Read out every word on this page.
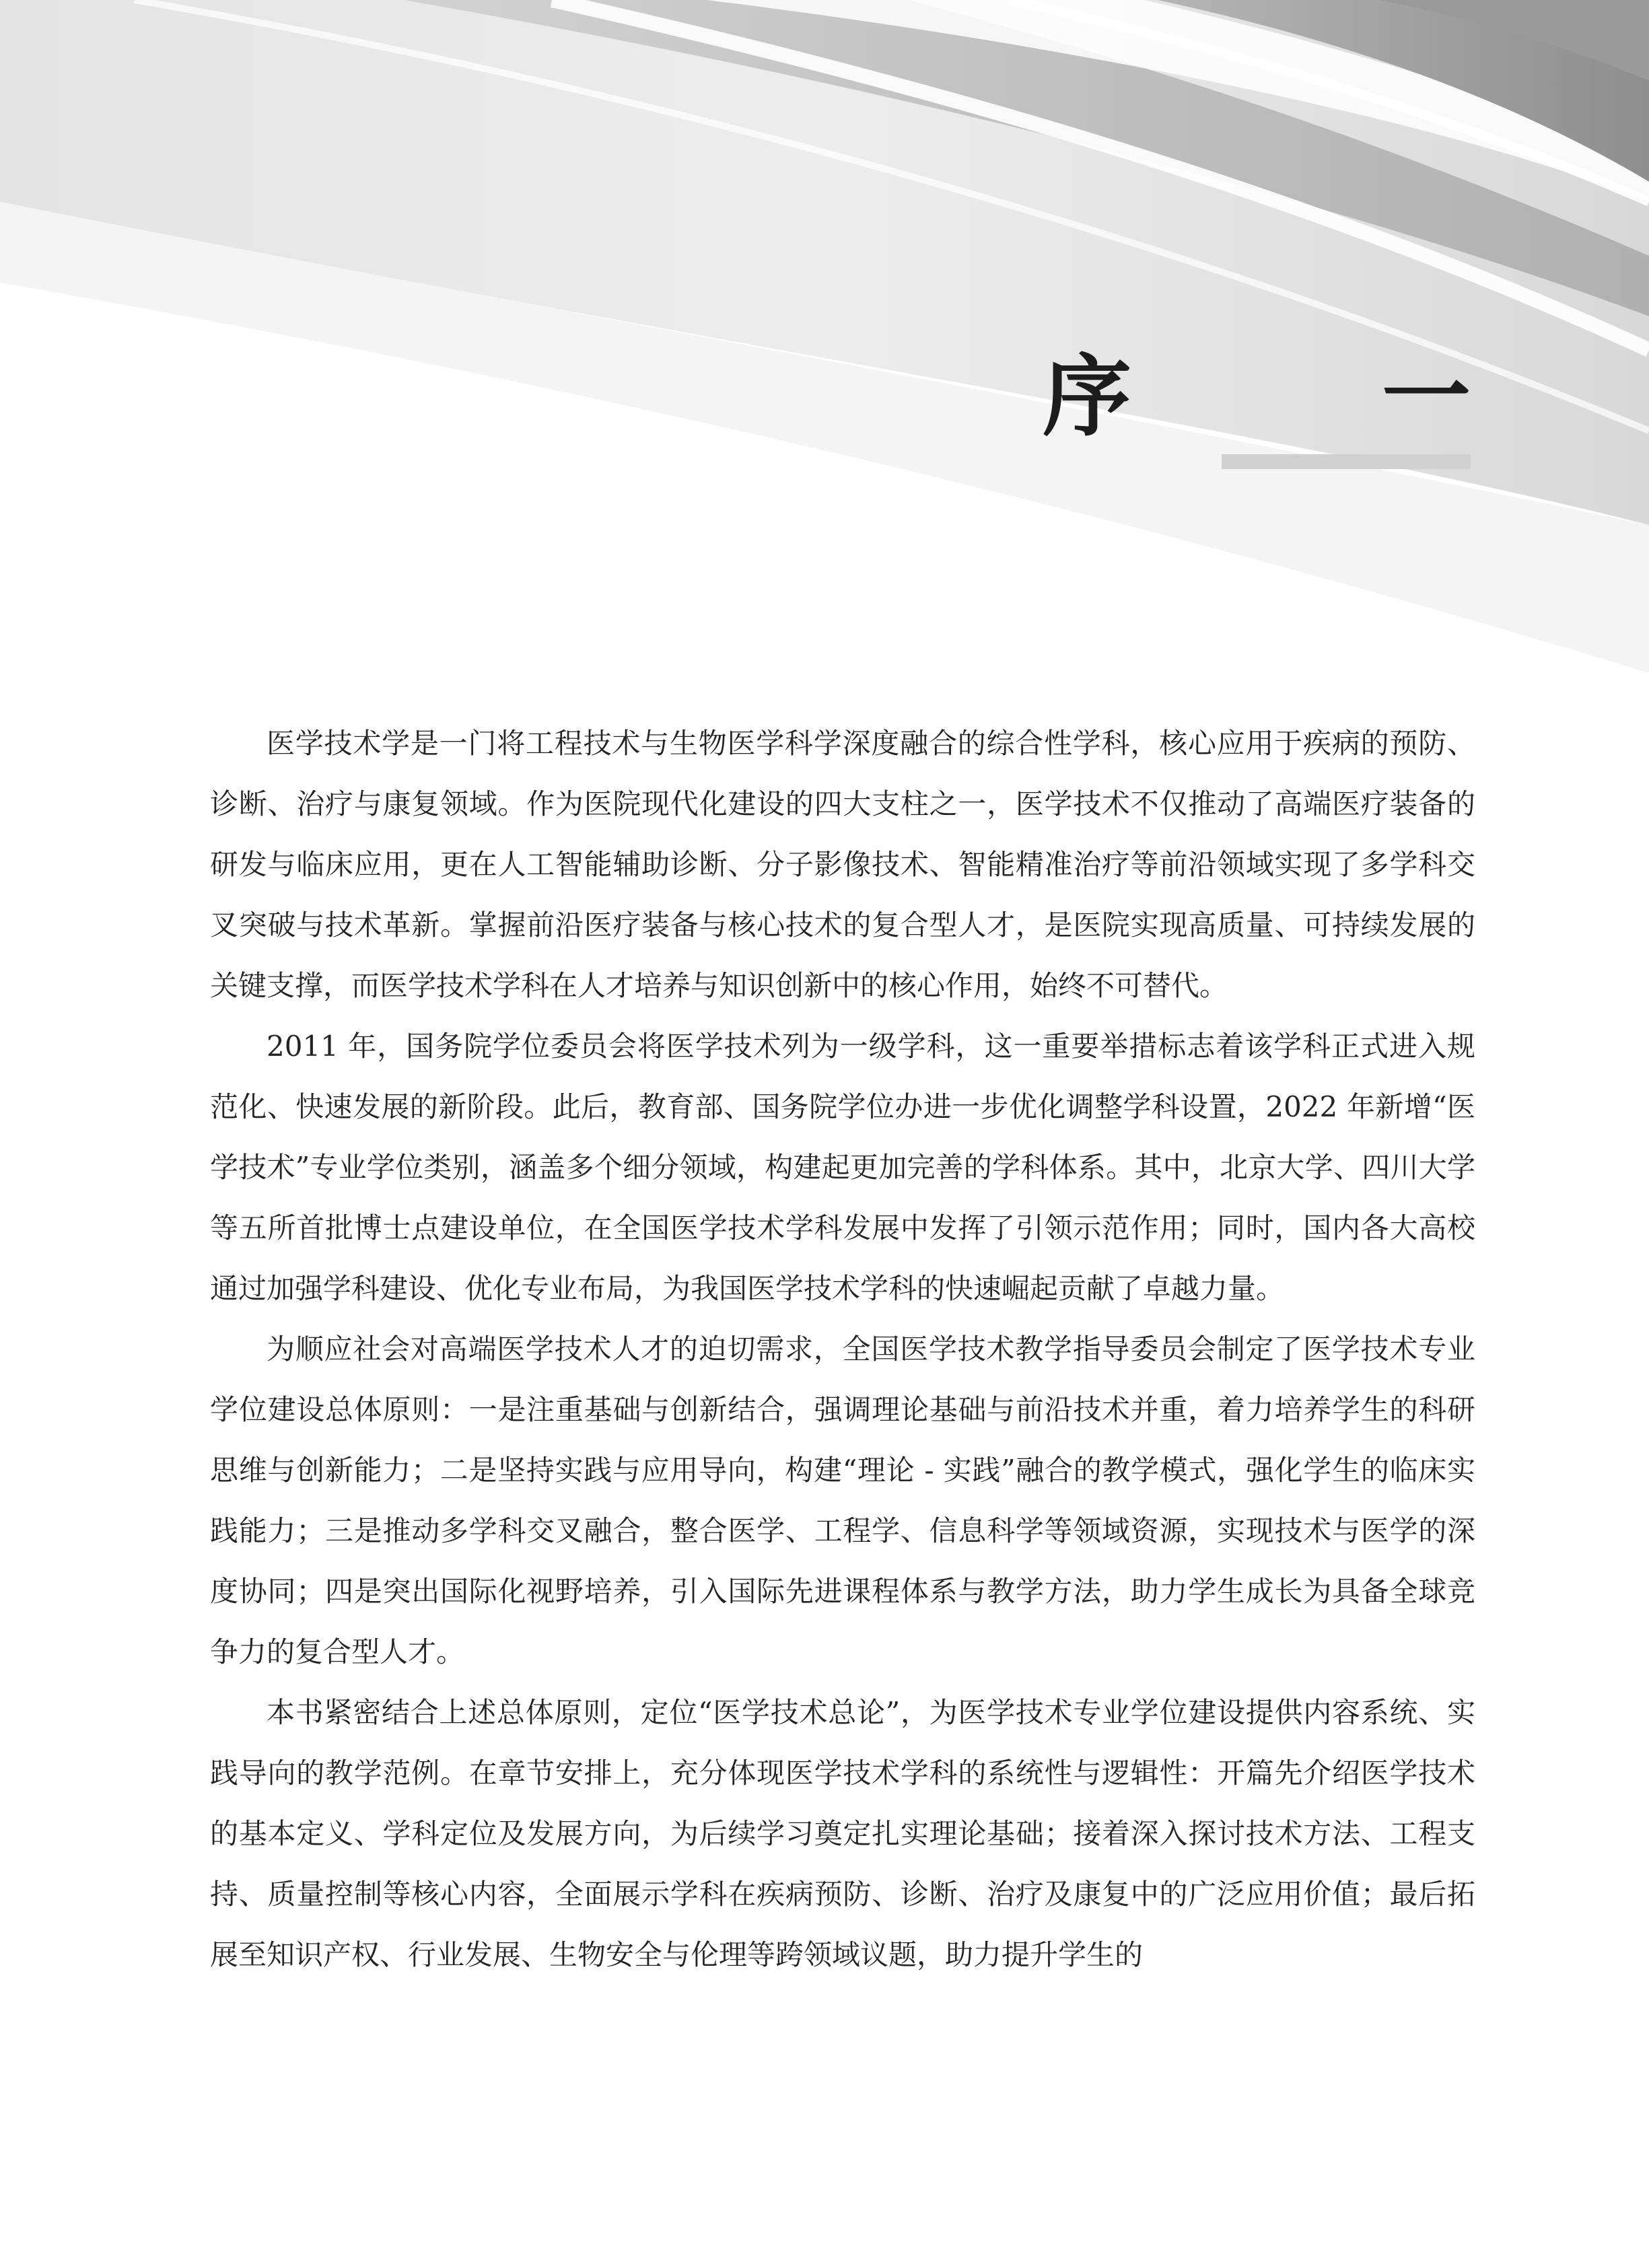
序　一

医学技术学是一门将工程技术与生物医学科学深度融合的综合性学科，核心应用于疾病的预防、诊断、治疗与康复领域。作为医院现代化建设的四大支柱之一，医学技术不仅推动了高端医疗装备的研发与临床应用，更在人工智能辅助诊断、分子影像技术、智能精准治疗等前沿领域实现了多学科交叉突破与技术革新。掌握前沿医疗装备与核心技术的复合型人才，是医院实现高质量、可持续发展的关键支撑，而医学技术学科在人才培养与知识创新中的核心作用，始终不可替代。

2011 年，国务院学位委员会将医学技术列为一级学科，这一重要举措标志着该学科正式进入规范化、快速发展的新阶段。此后，教育部、国务院学位办进一步优化调整学科设置，2022 年新增“医学技术”专业学位类别，涵盖多个细分领域，构建起更加完善的学科体系。其中，北京大学、四川大学等五所首批博士点建设单位，在全国医学技术学科发展中发挥了引领示范作用；同时，国内各大高校通过加强学科建设、优化专业布局，为我国医学技术学科的快速崛起贡献了卓越力量。

为顺应社会对高端医学技术人才的迫切需求，全国医学技术教学指导委员会制定了医学技术专业学位建设总体原则：一是注重基础与创新结合，强调理论基础与前沿技术并重，着力培养学生的科研思维与创新能力；二是坚持实践与应用导向，构建“理论 - 实践”融合的教学模式，强化学生的临床实践能力；三是推动多学科交叉融合，整合医学、工程学、信息科学等领域资源，实现技术与医学的深度协同；四是突出国际化视野培养，引入国际先进课程体系与教学方法，助力学生成长为具备全球竞争力的复合型人才。

本书紧密结合上述总体原则，定位“医学技术总论”，为医学技术专业学位建设提供内容系统、实践导向的教学范例。在章节安排上，充分体现医学技术学科的系统性与逻辑性：开篇先介绍医学技术的基本定义、学科定位及发展方向，为后续学习奠定扎实理论基础；接着深入探讨技术方法、工程支持、质量控制等核心内容，全面展示学科在疾病预防、诊断、治疗及康复中的广泛应用价值；最后拓展至知识产权、行业发展、生物安全与伦理等跨领域议题，助力提升学生的
